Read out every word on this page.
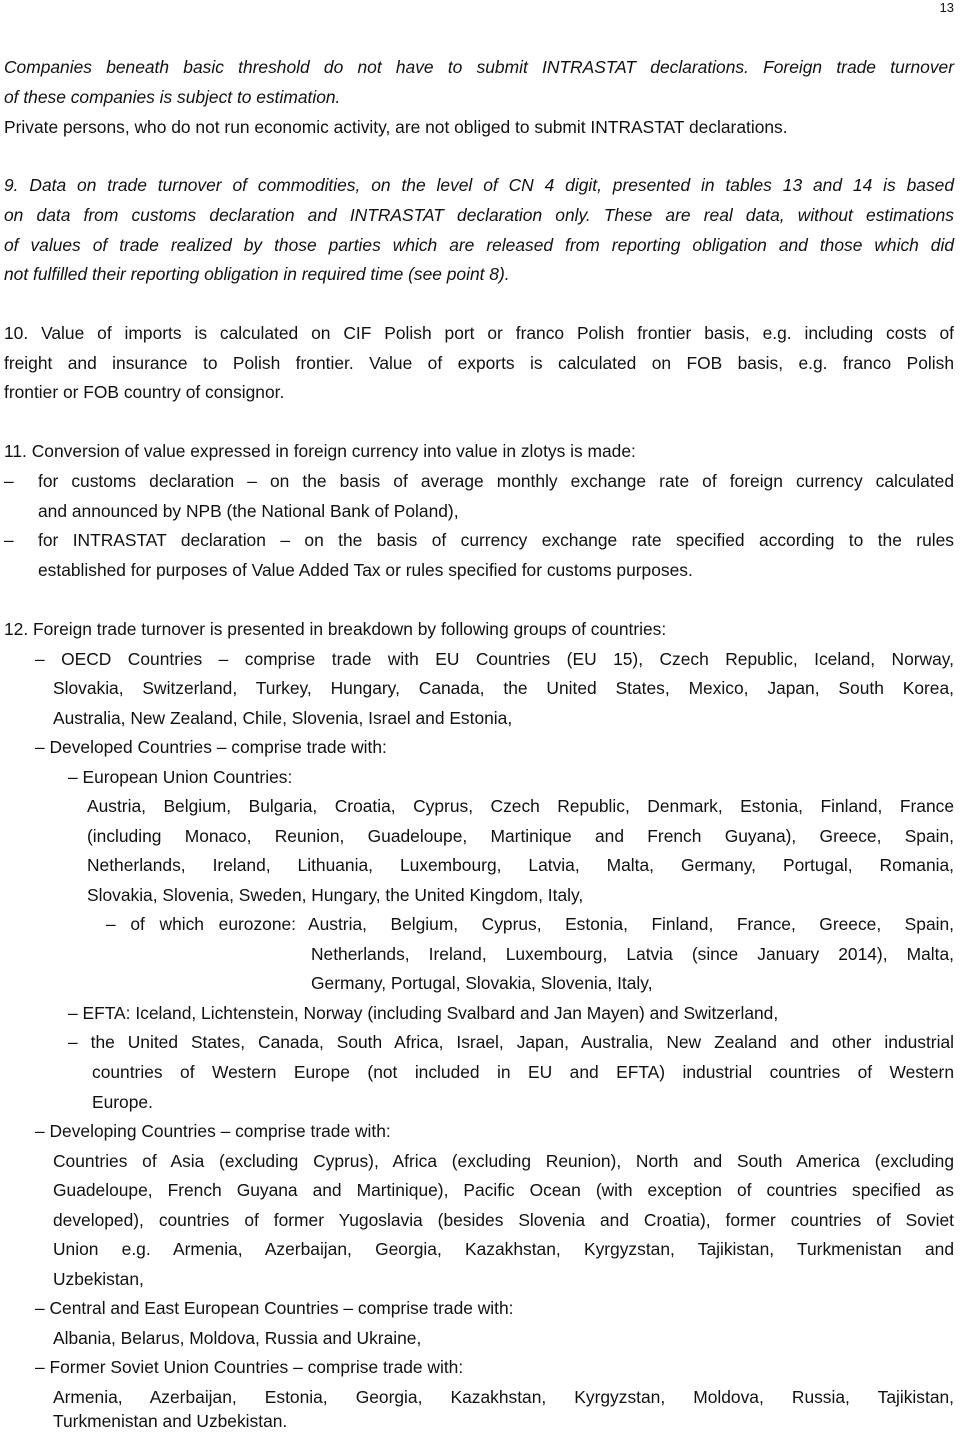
13
Companies beneath basic threshold do not have to submit INTRASTAT declarations. Foreign trade turnover
of these companies is subject to estimation.
Private persons, who do not run economic activity, are not obliged to submit INTRASTAT declarations.
9. Data on trade turnover of commodities, on the level of CN 4 digit, presented in tables 13 and 14 is based
on data from customs declaration and INTRASTAT declaration only. These are real data, without estimations
of values of trade realized by those parties which are released from reporting obligation and those which did
not fulfilled their reporting obligation in required time (see point 8).
10. Value of imports is calculated on CIF Polish port or franco Polish frontier basis, e.g. including costs of
freight and insurance to Polish frontier. Value of exports is calculated on FOB basis, e.g. franco Polish
frontier or FOB country of consignor.
11. Conversion of value expressed in foreign currency into value in zlotys is made:
–	for customs declaration – on the basis of average monthly exchange rate of foreign currency calculated
and announced by NPB (the National Bank of Poland),
–	for INTRASTAT declaration – on the basis of currency exchange rate specified according to the rules
established for purposes of Value Added Tax or rules specified for customs purposes.
12. Foreign trade turnover is presented in breakdown by following groups of countries:
– OECD Countries – comprise trade with EU Countries (EU 15), Czech Republic, Iceland, Norway,
Slovakia, Switzerland, Turkey, Hungary, Canada, the United States, Mexico, Japan, South Korea,
Australia, New Zealand, Chile, Slovenia, Israel and Estonia,
– Developed Countries – comprise trade with:
– European Union Countries:
Austria, Belgium, Bulgaria, Croatia, Cyprus, Czech Republic, Denmark, Estonia, Finland, France
(including Monaco, Reunion, Guadeloupe, Martinique and French Guyana), Greece, Spain,
Netherlands, Ireland, Lithuania, Luxembourg, Latvia, Malta, Germany, Portugal, Romania,
Slovakia, Slovenia, Sweden, Hungary, the United Kingdom, Italy,
– of which eurozone: Austria, Belgium, Cyprus, Estonia, Finland, France, Greece, Spain,
Netherlands, Ireland, Luxembourg, Latvia (since January 2014), Malta,
Germany, Portugal, Slovakia, Slovenia, Italy,
– EFTA: Iceland, Lichtenstein, Norway (including Svalbard and Jan Mayen) and Switzerland,
– the United States, Canada, South Africa, Israel, Japan, Australia, New Zealand and other industrial
countries of Western Europe (not included in EU and EFTA) industrial countries of Western
Europe.
– Developing Countries – comprise trade with:
Countries of Asia (excluding Cyprus), Africa (excluding Reunion), North and South America (excluding
Guadeloupe, French Guyana and Martinique), Pacific Ocean (with exception of countries specified as
developed), countries of former Yugoslavia (besides Slovenia and Croatia), former countries of Soviet
Union e.g. Armenia, Azerbaijan, Georgia, Kazakhstan, Kyrgyzstan, Tajikistan, Turkmenistan and
Uzbekistan,
– Central and East European Countries – comprise trade with:
Albania, Belarus, Moldova, Russia and Ukraine,
– Former Soviet Union Countries – comprise trade with:
Armenia, Azerbaijan, Estonia, Georgia, Kazakhstan, Kyrgyzstan, Moldova, Russia, Tajikistan,
Turkmenistan and Uzbekistan.
